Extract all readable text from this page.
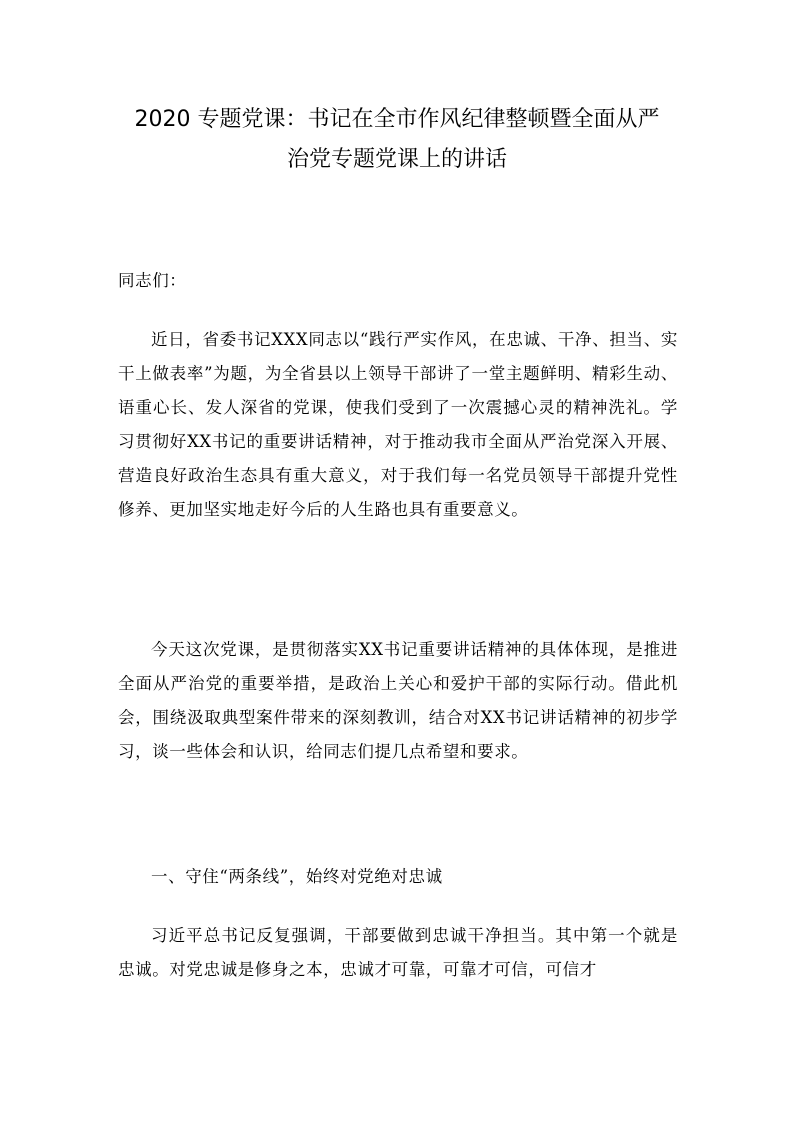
2020 专题党课：书记在全市作风纪律整顿暨全面从严
治党专题党课上的讲话

同志们：

近日，省委书记XXX同志以“践行严实作风，在忠诚、干净、担当、实干上做表率”为题，为全省县以上领导干部讲了一堂主题鲜明、精彩生动、语重心长、发人深省的党课，使我们受到了一次震撼心灵的精神洗礼。学习贯彻好XX书记的重要讲话精神，对于推动我市全面从严治党深入开展、营造良好政治生态具有重大意义，对于我们每一名党员领导干部提升党性修养、更加坚实地走好今后的人生路也具有重要意义。

今天这次党课，是贯彻落实XX书记重要讲话精神的具体体现，是推进全面从严治党的重要举措，是政治上关心和爱护干部的实际行动。借此机会，围绕汲取典型案件带来的深刻教训，结合对XX书记讲话精神的初步学习，谈一些体会和认识，给同志们提几点希望和要求。

一、守住“两条线”，始终对党绝对忠诚

习近平总书记反复强调，干部要做到忠诚干净担当。其中第一个就是忠诚。对党忠诚是修身之本，忠诚才可靠，可靠才可信，可信才
